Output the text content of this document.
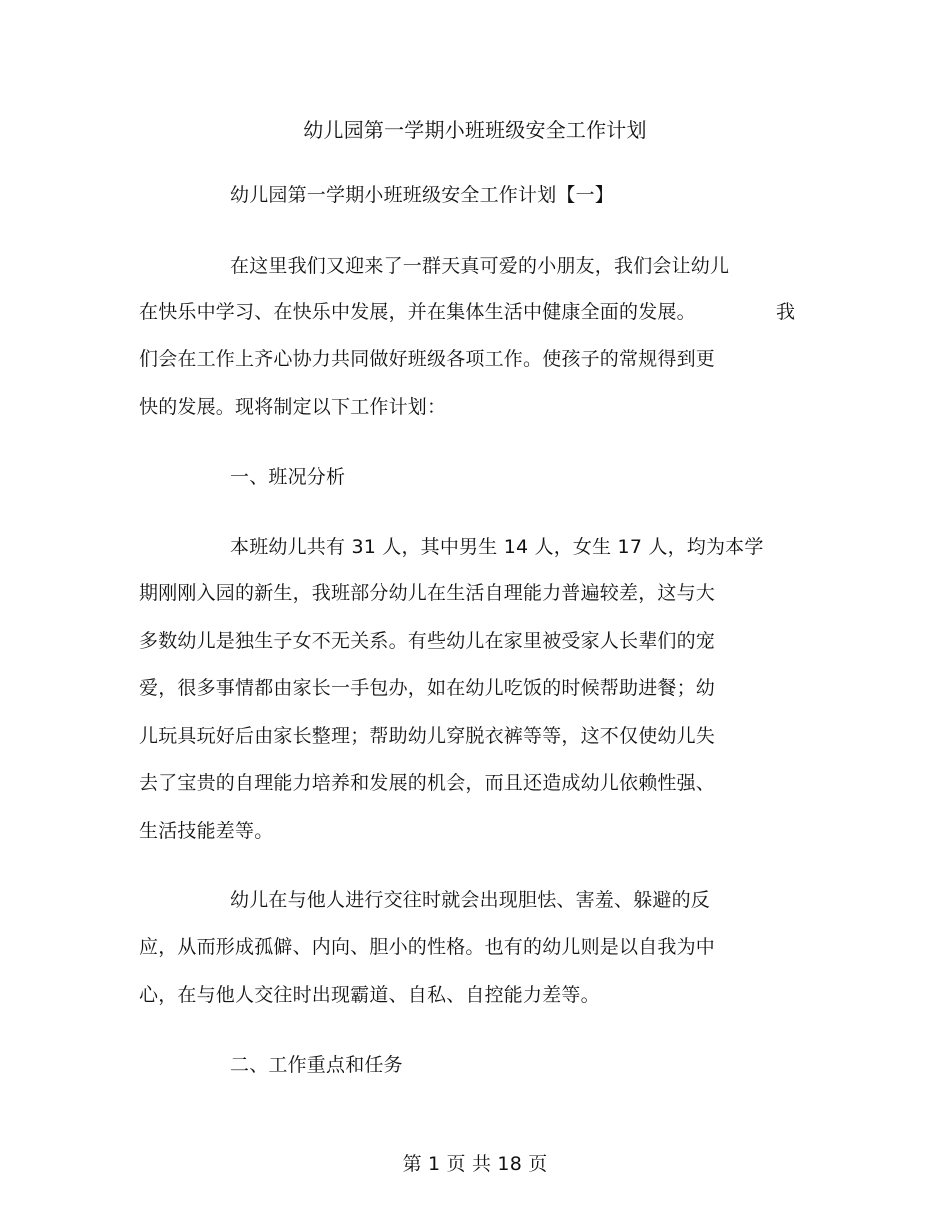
幼儿园第一学期小班班级安全工作计划
幼儿园第一学期小班班级安全工作计划【一】
在这里我们又迎来了一群天真可爱的小朋友，我们会让幼儿
在快乐中学习、在快乐中发展，并在集体生活中健康全面的发展。	我
们会在工作上齐心协力共同做好班级各项工作。使孩子的常规得到更
快的发展。现将制定以下工作计划：
一、班况分析
本班幼儿共有 31 人，其中男生 14 人，女生 17 人，均为本学
期刚刚入园的新生，我班部分幼儿在生活自理能力普遍较差，这与大
多数幼儿是独生子女不无关系。有些幼儿在家里被受家人长辈们的宠
爱，很多事情都由家长一手包办，如在幼儿吃饭的时候帮助进餐；幼
儿玩具玩好后由家长整理；帮助幼儿穿脱衣裤等等，这不仅使幼儿失
去了宝贵的自理能力培养和发展的机会，而且还造成幼儿依赖性强、
生活技能差等。
幼儿在与他人进行交往时就会出现胆怯、害羞、躲避的反
应，从而形成孤僻、内向、胆小的性格。也有的幼儿则是以自我为中
心，在与他人交往时出现霸道、自私、自控能力差等。
二、工作重点和任务
第 1 页 共 18 页
